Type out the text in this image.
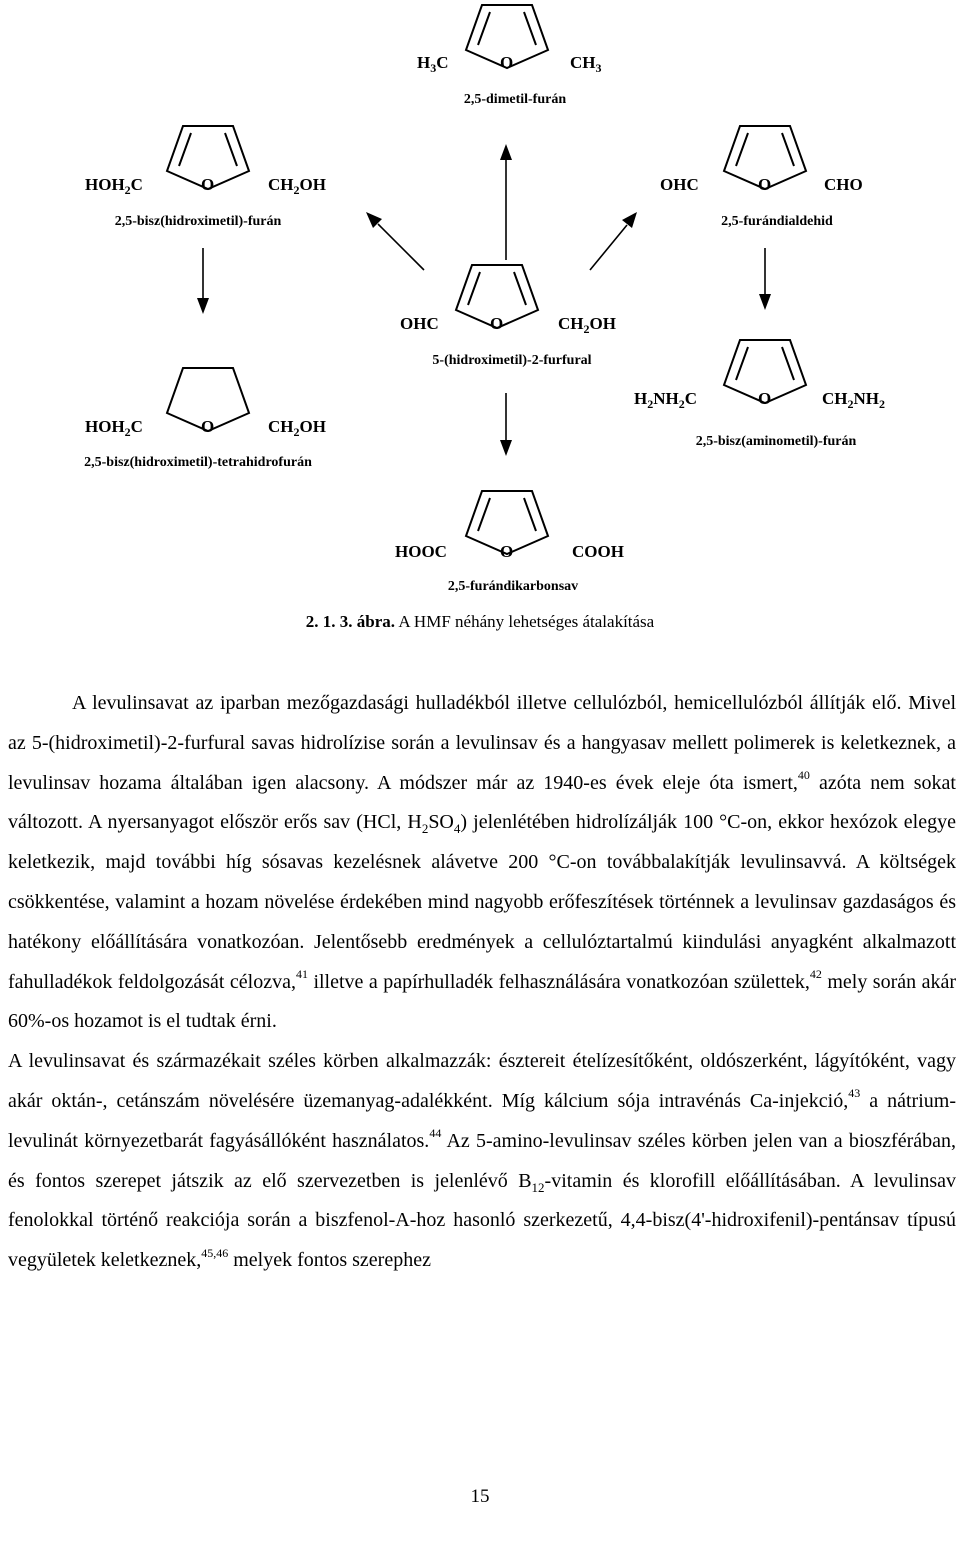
$H_3C$	O	$CH_3$
2,5-dimetil-furán
$HOH_2C$	O	$CH_2OH$
2,5-bisz(hidroximetil)-furán
OHC	O	CHO
2,5-furándialdehid
OHC	O	$CH_2OH$
5-(hidroximetil)-2-furfural
$HOH_2C$	O	$CH_2OH$
2,5-bisz(hidroximetil)-tetrahidrofurán
$H_2NH_2C$	O	$CH_2NH_2$
2,5-bisz(aminometil)-furán
HOOC	O	COOH
2,5-furándikarbonsav

2. 1. 3. ábra. A HMF néhány lehetséges átalakítása

A levulinsavat az iparban mezőgazdasági hulladékból illetve cellulózból, hemicellulózból állítják elő. Mivel az 5-(hidroximetil)-2-furfural savas hidrolízise során a levulinsav és a hangyasav mellett polimerek is keletkeznek, a levulinsav hozama általában igen alacsony. A módszer már az 1940-es évek eleje óta ismert,$^{40}$ azóta nem sokat változott. A nyersanyagot először erős sav (HCl, $H_2SO_4$) jelenlétében hidrolízálják 100 °C-on, ekkor hexózok elegye keletkezik, majd további híg sósavas kezelésnek alávetve 200 °C-on továbbalakítják levulinsavvá. A költségek csökkentése, valamint a hozam növelése érdekében mind nagyobb erőfeszítések történnek a levulinsav gazdaságos és hatékony előállítására vonatkozóan. Jelentősebb eredmények a cellulóztartalmú kiindulási anyagként alkalmazott fahulladékok feldolgozását célozva,$^{41}$ illetve a papírhulladék felhasználására vonatkozóan születtek,$^{42}$ mely során akár 60%-os hozamot is el tudtak érni.

A levulinsavat és származékait széles körben alkalmazzák: észtereit ételízesítőként, oldószerként, lágyítóként, vagy akár oktán-, cetánszám növelésére üzemanyag-adalékként. Míg kálcium sója intravénás Ca-injekció,$^{43}$ a nátrium-levulinát környezetbarát fagyásállóként használatos.$^{44}$ Az 5-amino-levulinsav széles körben jelen van a bioszférában, és fontos szerepet játszik az elő szervezetben is jelenlévő $B_{12}$-vitamin és klorofill előállításában. A levulinsav fenolokkal történő reakciója során a biszfenol-A-hoz hasonló szerkezetű, 4,4-bisz(4'-hidroxifenil)-pentánsav típusú vegyületek keletkeznek,$^{45,46}$ melyek fontos szerephez

15
